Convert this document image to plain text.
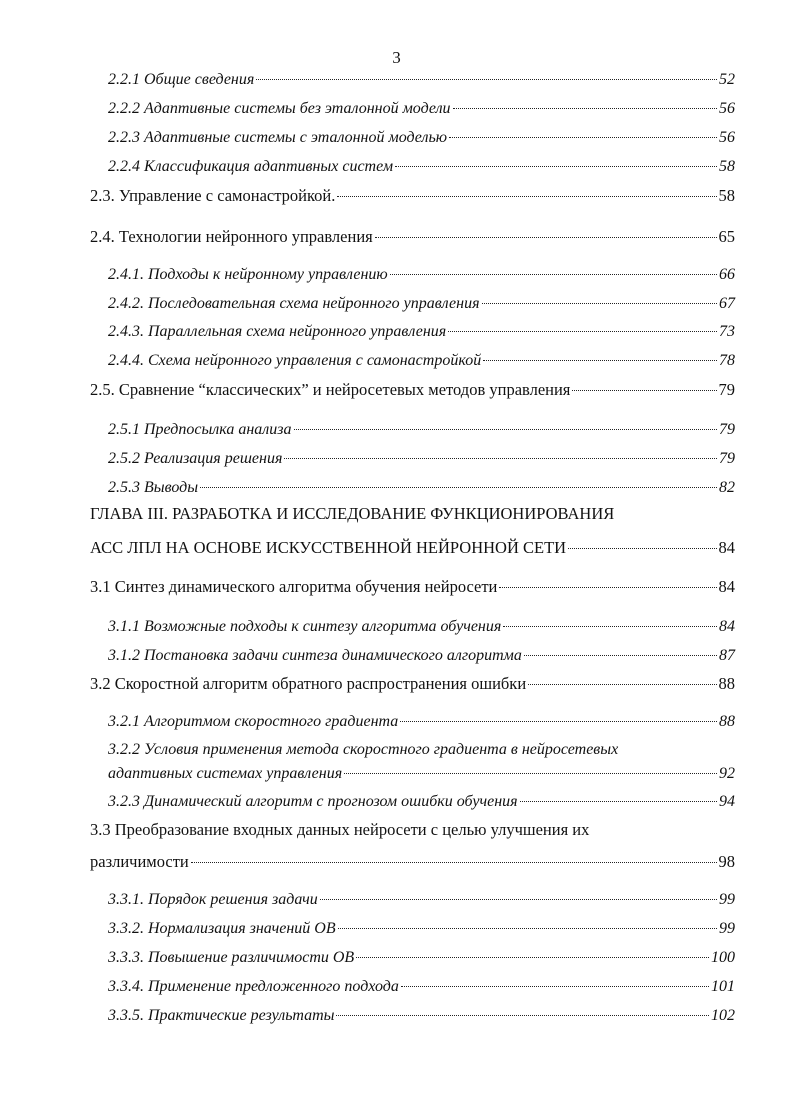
3
2.2.1 Общие сведения	52
2.2.2 Адаптивные системы без эталонной модели	56
2.2.3 Адаптивные системы с эталонной моделью	56
2.2.4 Классификация адаптивных систем	58
2.3. Управление с самонастройкой.	58
2.4. Технологии нейронного управления	65
2.4.1. Подходы к нейронному управлению	66
2.4.2. Последовательная схема нейронного управления	67
2.4.3. Параллельная схема нейронного управления	73
2.4.4. Схема нейронного управления с самонастройкой	78
2.5. Сравнение “классических” и нейросетевых методов управления	79
2.5.1 Предпосылка анализа	79
2.5.2 Реализация решения	79
2.5.3 Выводы	82
ГЛАВА III. РАЗРАБОТКА И ИССЛЕДОВАНИЕ ФУНКЦИОНИРОВАНИЯ
АСС ЛПЛ НА ОСНОВЕ ИСКУССТВЕННОЙ НЕЙРОННОЙ СЕТИ	84
3.1 Синтез динамического алгоритма обучения нейросети	84
3.1.1 Возможные подходы к синтезу алгоритма обучения	84
3.1.2 Постановка задачи синтеза динамического алгоритма	87
3.2 Скоростной алгоритм обратного распространения ошибки	88
3.2.1 Алгоритмом скоростного градиента	88
3.2.2 Условия применения метода скоростного градиента в нейросетевых
адаптивных системах управления	92
3.2.3 Динамический алгоритм с прогнозом ошибки обучения	94
3.3 Преобразование входных данных нейросети с целью улучшения их
различимости	98
3.3.1. Порядок решения задачи	99
3.3.2. Нормализация значений ОВ	99
3.3.3. Повышение различимости ОВ	100
3.3.4. Применение предложенного подхода	101
3.3.5. Практические результаты	102
